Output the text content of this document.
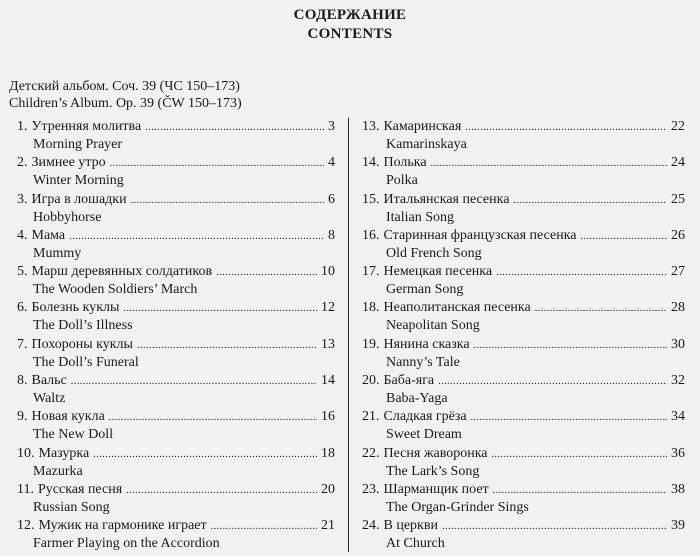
СОДЕРЖАНИЕ
CONTENTS
Детский альбом. Соч. 39 (ЧС 150–173)
Children’s Album. Op. 39 (ČW 150–173)
1. Утренняя молитва . . .	3
Morning Prayer
2. Зимнее утро . . .	4
Winter Morning
3. Игра в лошадки . . .	6
Hobbyhorse
4. Мама . . .	8
Mummy
5. Марш деревянных солдатиков . . .	10
The Wooden Soldiers’ March
6. Болезнь куклы . . .	12
The Doll’s Illness
7. Похороны куклы . . .	13
The Doll’s Funeral
8. Вальс . . .	14
Waltz
9. Новая кукла . . .	16
The New Doll
10. Мазурка . . .	18
Mazurka
11. Русская песня . . .	20
Russian Song
12. Мужик на гармонике играет . . .	21
Farmer Playing on the Accordion
13. Камаринская . . .	22
Kamarinskaya
14. Полька . . .	24
Polka
15. Итальянская песенка . . .	25
Italian Song
16. Старинная французская песенка . . .	26
Old French Song
17. Немецкая песенка . . .	27
German Song
18. Неаполитанская песенка . . .	28
Neapolitan Song
19. Нянина сказка . . .	30
Nanny’s Tale
20. Баба-яга . . .	32
Baba-Yaga
21. Сладкая грёза . . .	34
Sweet Dream
22. Песня жаворонка . . .	36
The Lark’s Song
23. Шарманщик поет . . .	38
The Organ-Grinder Sings
24. В церкви . . .	39
At Church
